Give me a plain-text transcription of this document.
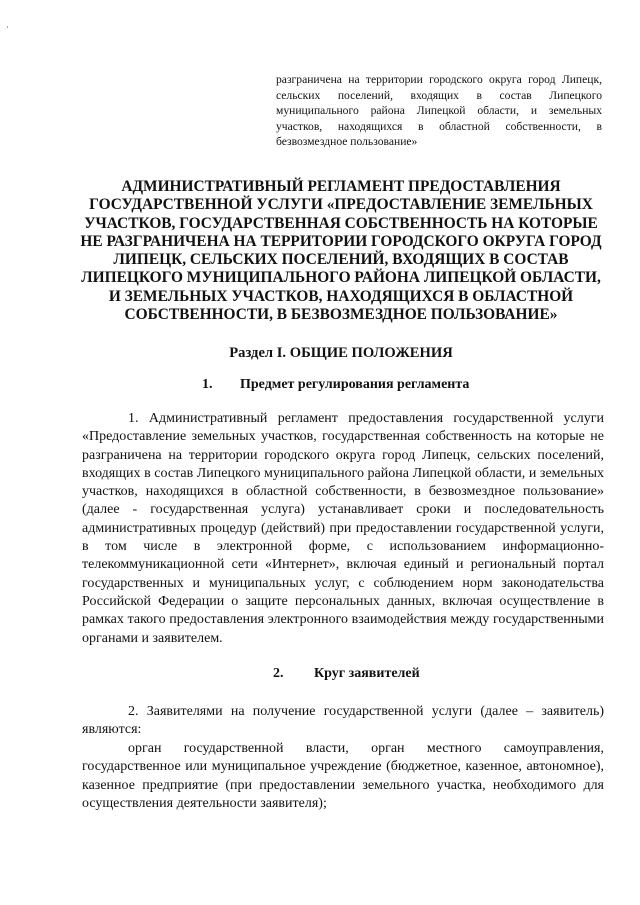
·
разграничена на территории городского округа город Липецк, сельских поселений, входящих в состав Липецкого муниципального района Липецкой области, и земельных участков, находящихся в областной собственности, в безвозмездное пользование»
АДМИНИСТРАТИВНЫЙ РЕГЛАМЕНТ ПРЕДОСТАВЛЕНИЯ ГОСУДАРСТВЕННОЙ УСЛУГИ «ПРЕДОСТАВЛЕНИЕ ЗЕМЕЛЬНЫХ УЧАСТКОВ, ГОСУДАРСТВЕННАЯ СОБСТВЕННОСТЬ НА КОТОРЫЕ НЕ РАЗГРАНИЧЕНА НА ТЕРРИТОРИИ ГОРОДСКОГО ОКРУГА ГОРОД ЛИПЕЦК, СЕЛЬСКИХ ПОСЕЛЕНИЙ, ВХОДЯЩИХ В СОСТАВ ЛИПЕЦКОГО МУНИЦИПАЛЬНОГО РАЙОНА ЛИПЕЦКОЙ ОБЛАСТИ, И ЗЕМЕЛЬНЫХ УЧАСТКОВ, НАХОДЯЩИХСЯ В ОБЛАСТНОЙ СОБСТВЕННОСТИ, В БЕЗВОЗМЕЗДНОЕ ПОЛЬЗОВАНИЕ»
Раздел I. ОБЩИЕ ПОЛОЖЕНИЯ
1. Предмет регулирования регламента

1. Административный регламент предоставления государственной услуги «Предоставление земельных участков, государственная собственность на которые не разграничена на территории городского округа город Липецк, сельских поселений, входящих в состав Липецкого муниципального района Липецкой области, и земельных участков, находящихся в областной собственности, в безвозмездное пользование» (далее - государственная услуга) устанавливает сроки и последовательность административных процедур (действий) при предоставлении государственной услуги, в том числе в электронной форме, с использованием информационно-телекоммуникационной сети «Интернет», включая единый и региональный портал государственных и муниципальных услуг, с соблюдением норм законодательства Российской Федерации о защите персональных данных, включая осуществление в рамках такого предоставления электронного взаимодействия между государственными органами и заявителем.

2. Круг заявителей

2. Заявителями на получение государственной услуги (далее – заявитель) являются:

орган государственной власти, орган местного самоуправления, государственное или муниципальное учреждение (бюджетное, казенное, автономное), казенное предприятие (при предоставлении земельного участка, необходимого для осуществления деятельности заявителя);
